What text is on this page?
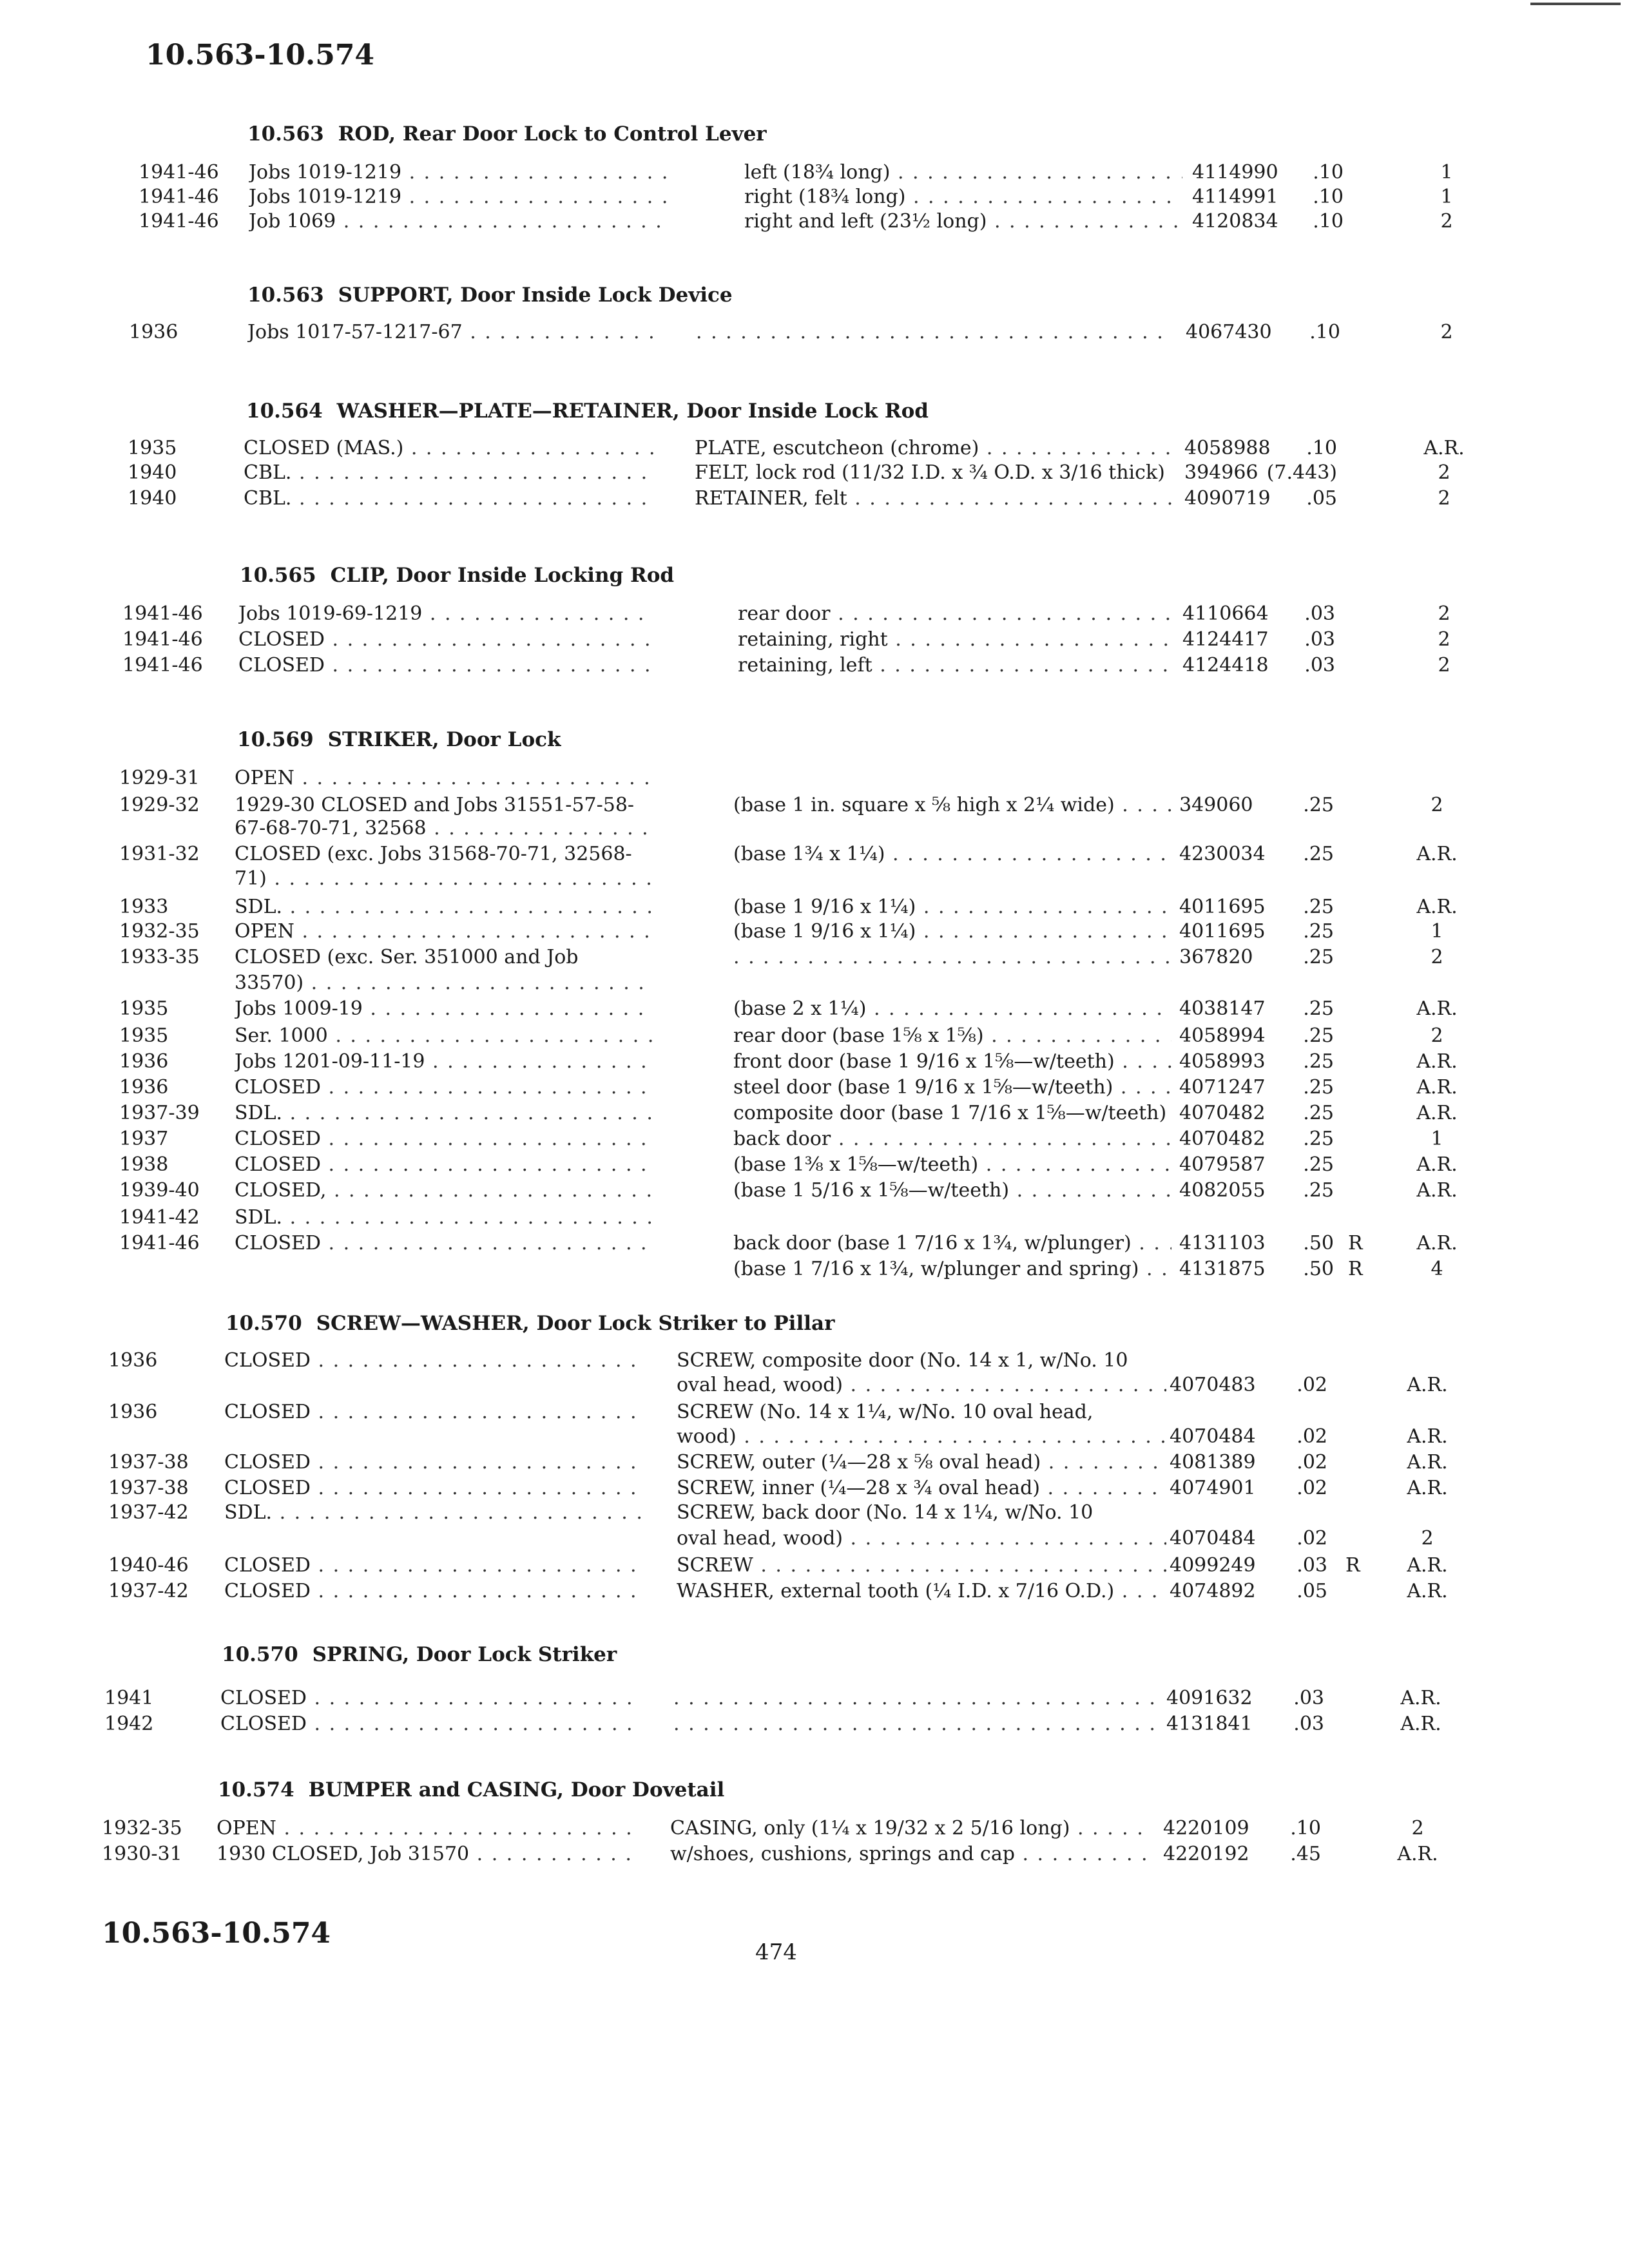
10.563-10.574
10.563 ROD, Rear Door Lock to Control Lever
1941-46 Jobs 1019-1219 . . .	left (18¾ long) . . .	4114990	.10	1
1941-46 Jobs 1019-1219 . . .	right (18¾ long) . . .	4114991	.10	1
1941-46 Job 1069 . . .	right and left (23½ long) . . .	4120834	.10	2
10.563 SUPPORT, Door Inside Lock Device
1936	Jobs 1017-57-1217-67 . . . . . .	4067430	.10	2
10.564 WASHER—PLATE—RETAINER, Door Inside Lock Rod
1935	CLOSED (MAS.) . . .	PLATE, escutcheon (chrome) . . .	4058988	.10	A.R.
1940	CBL. . . .	FELT, lock rod (11/32 I.D. x ¾ O.D. x 3/16 thick) . . .	394966 (7.443)	2
1940	CBL. . . .	RETAINER, felt . . .	4090719	.05	2
10.565 CLIP, Door Inside Locking Rod
1941-46 Jobs 1019-69-1219 . . .	rear door . . .	4110664	.03	2
1941-46 CLOSED . . .	retaining, right . . .	4124417	.03	2
1941-46 CLOSED . . .	retaining, left . . .	4124418	.03	2
10.569 STRIKER, Door Lock
1929-31 OPEN . . .
1929-32 1929-30 CLOSED and Jobs 31551-57-58-	(base 1 in. square x ⅝ high x 2¼ wide) . . .	349060	.25	2
67-68-70-71, 32568 . . .
1931-32 CLOSED (exc. Jobs 31568-70-71, 32568-	(base 1¾ x 1¼) . . .	4230034	.25	A.R.
71) . . .
1933	SDL. . . .	(base 1 9/16 x 1¼) . . .	4011695	.25	A.R.
1932-35 OPEN . . .	(base 1 9/16 x 1¼) . . .	4011695	.25	1
1933-35 CLOSED (exc. Ser. 351000 and Job . . .	367820	.25	2
33570) . . .
1935	Jobs 1009-19 . . .	(base 2 x 1¼) . . .	4038147	.25	A.R.
1935	Ser. 1000 . . .	rear door (base 1⅝ x 1⅝) . . .	4058994	.25	2
1936	Jobs 1201-09-11-19 . . .	front door (base 1 9/16 x 1⅝—w/teeth) . . .	4058993	.25	A.R.
1936	CLOSED . . .	steel door (base 1 9/16 x 1⅝—w/teeth) . . .	4071247	.25	A.R.
1937-39 SDL. . . .	composite door (base 1 7/16 x 1⅝—w/teeth) . . . 4070482	.25	A.R.
1937	CLOSED . . .	back door . . .	4070482	.25	1
1938	CLOSED . . .	(base 1⅜ x 1⅝—w/teeth) . . .	4079587	.25	A.R.
1939-40 CLOSED, . . .	(base 1 5/16 x 1⅝—w/teeth) . . .	4082055	.25	A.R.
1941-42 SDL. . . .
1941-46 CLOSED . . .	back door (base 1 7/16 x 1¾, w/plunger) . . .	4131103	.50 R	A.R.
(base 1 7/16 x 1¾, w/plunger and spring) . . .	4131875	.50 R	4
10.570 SCREW—WASHER, Door Lock Striker to Pillar
1936	CLOSED . . .	SCREW, composite door (No. 14 x 1, w/No. 10
oval head, wood) . . .	4070483	.02	A.R.
1936	CLOSED . . .	SCREW (No. 14 x 1¼, w/No. 10 oval head,
wood) . . .	4070484	.02	A.R.
1937-38 CLOSED . . .	SCREW, outer (¼—28 x ⅝ oval head) . . .	4081389	.02	A.R.
1937-38 CLOSED . . .	SCREW, inner (¼—28 x ¾ oval head) . . .	4074901	.02	A.R.
1937-42 SDL. . . .	SCREW, back door (No. 14 x 1¼, w/No. 10
oval head, wood) . . .	4070484	.02	2
1940-46 CLOSED . . .	SCREW . . .	4099249	.03 R	A.R.
1937-42 CLOSED . . .	WASHER, external tooth (¼ I.D. x 7/16 O.D.) . . .	4074892	.05	A.R.
10.570 SPRING, Door Lock Striker
1941	CLOSED . . . . . .	4091632	.03	A.R.
1942	CLOSED . . . . . .	4131841	.03	A.R.
10.574 BUMPER and CASING, Door Dovetail
1932-35 OPEN . . .	CASING, only (1¼ x 19/32 x 2 5/16 long) . . .	4220109	.10	2
1930-31 1930 CLOSED, Job 31570 . . .	w/shoes, cushions, springs and cap . . .	4220192	.45	A.R.
10.563-10.574
474
